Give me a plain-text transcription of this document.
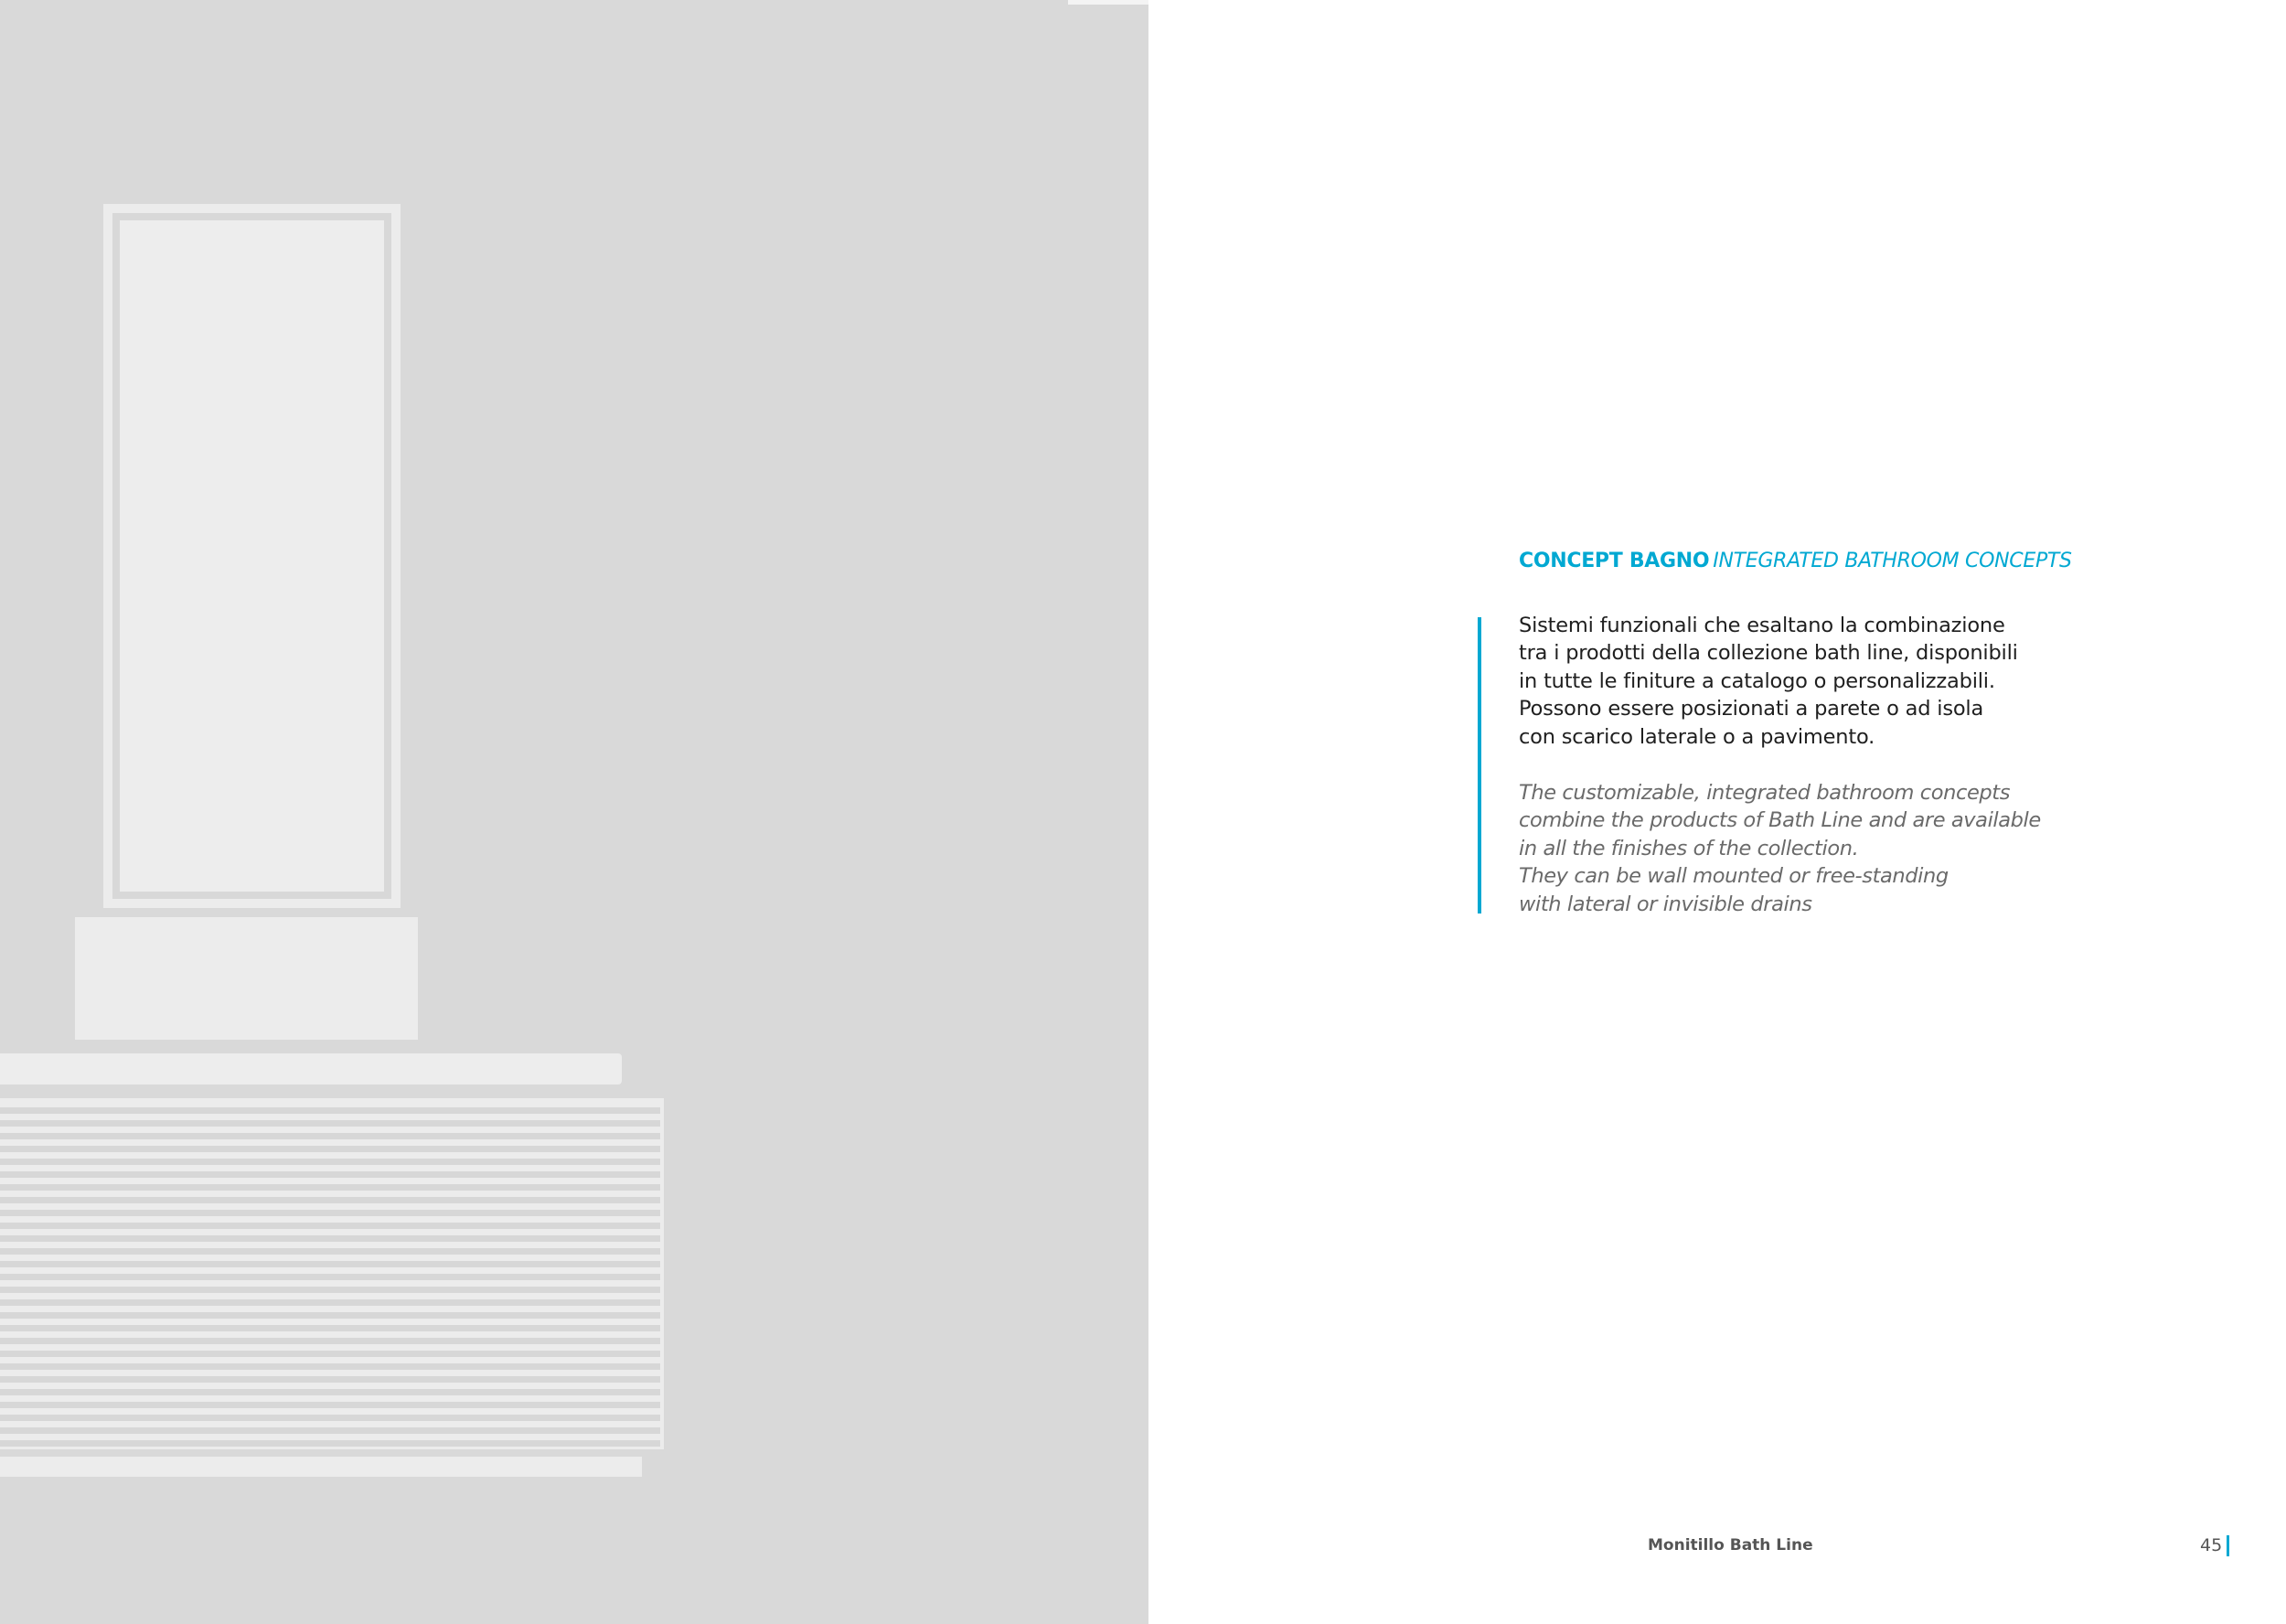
CONCEPT BAGNO INTEGRATED BATHROOM CONCEPTS

Sistemi funzionali che esaltano la combinazione
tra i prodotti della collezione bath line, disponibili
in tutte le finiture a catalogo o personalizzabili.
Possono essere posizionati a parete o ad isola
con scarico laterale o a pavimento.

The customizable, integrated bathroom concepts
combine the products of Bath Line and are available
in all the finishes of the collection.
They can be wall mounted or free-standing
with lateral or invisible drains

Monitillo Bath Line	45
